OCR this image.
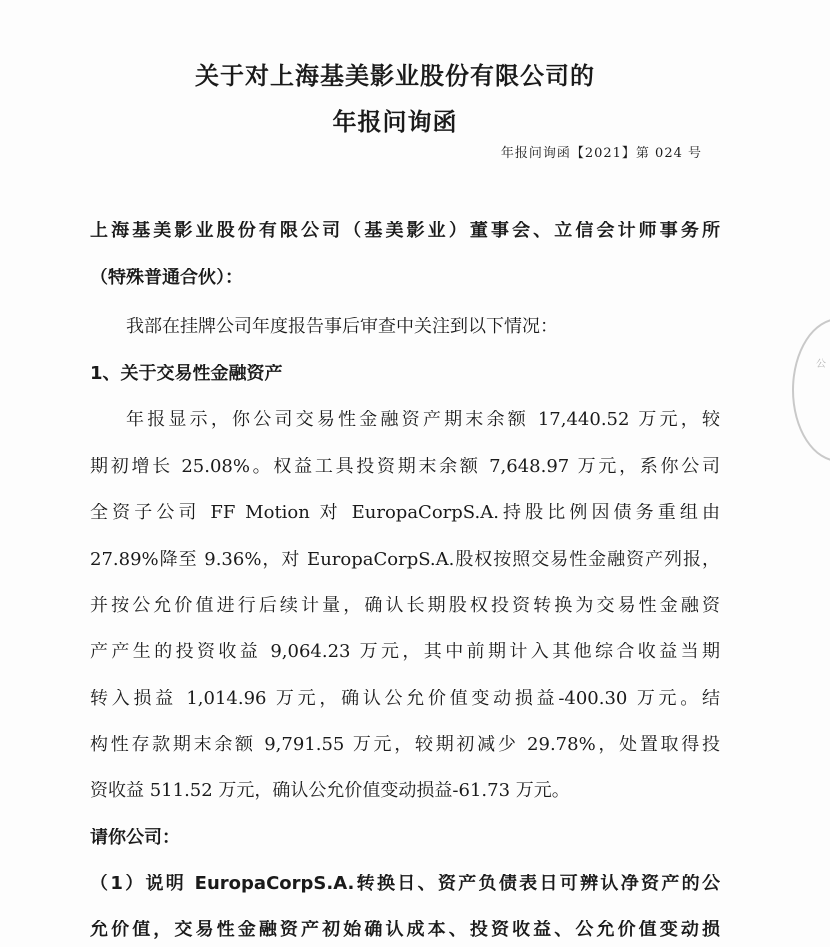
关于对上海基美影业股份有限公司的
年报问询函
年报问询函【2021】第 024 号
上海基美影业股份有限公司（基美影业）董事会、立信会计师事务所
（特殊普通合伙）：
我部在挂牌公司年度报告事后审查中关注到以下情况：
1、关于交易性金融资产
年报显示，你公司交易性金融资产期末余额 17,440.52 万元，较
期初增长 25.08%。权益工具投资期末余额 7,648.97 万元，系你公司
全资子公司 FF Motion 对 EuropaCorpS.A.持股比例因债务重组由
27.89%降至 9.36%，对 EuropaCorpS.A.股权按照交易性金融资产列报，
并按公允价值进行后续计量，确认长期股权投资转换为交易性金融资
产产生的投资收益 9,064.23 万元，其中前期计入其他综合收益当期
转入损益 1,014.96 万元，确认公允价值变动损益-400.30 万元。结
构性存款期末余额 9,791.55 万元，较期初减少 29.78%，处置取得投
资收益 511.52 万元，确认公允价值变动损益-61.73 万元。
请你公司：
（1）说明 EuropaCorpS.A.转换日、资产负债表日可辨认净资产的公
允价值，交易性金融资产初始确认成本、投资收益、公允价值变动损
公
